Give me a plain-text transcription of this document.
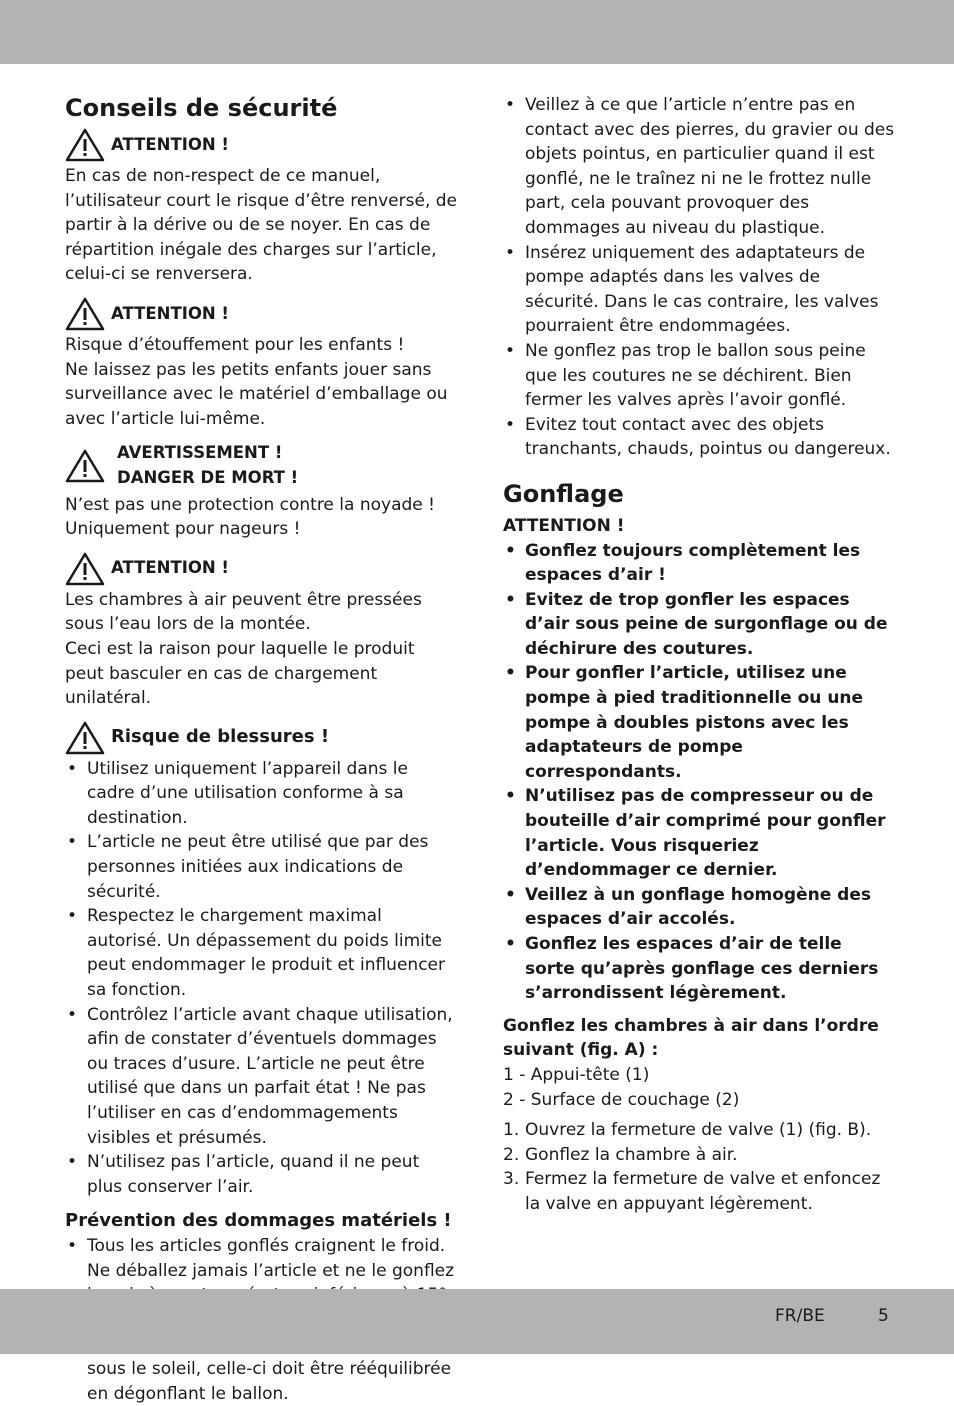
Conseils de sécurité
ATTENTION !

En cas de non-respect de ce manuel, l’utilisateur court le risque d’être renversé, de partir à la dérive ou de se noyer. En cas de répartition inégale des charges sur l’article, celui-ci se renversera.

ATTENTION !

Risque d’étouffement pour les enfants !

Ne laissez pas les petits enfants jouer sans surveillance avec le matériel d’emballage ou avec l’article lui-même.

AVERTISSEMENT !
DANGER DE MORT !

N’est pas une protection contre la noyade !

Uniquement pour nageurs !

ATTENTION !

Les chambres à air peuvent être pressées sous l’eau lors de la montée.

Ceci est la raison pour laquelle le produit peut basculer en cas de chargement unilatéral.

Risque de blessures !
• Utilisez uniquement l’appareil dans le cadre d’une utilisation conforme à sa destination.
• L’article ne peut être utilisé que par des personnes initiées aux indications de sécurité.
• Respectez le chargement maximal autorisé. Un dépassement du poids limite peut endommager le produit et influencer sa fonction.
• Contrôlez l’article avant chaque utilisation, afin de constater d’éventuels dommages ou traces d’usure. L’article ne peut être utilisé que dans un parfait état ! Ne pas l’utiliser en cas d’endommagements visibles et présumés.
• N’utilisez pas l’article, quand il ne peut plus conserver l’air.
Prévention des dommages matériels !
• Tous les articles gonflés craignent le froid. Ne déballez jamais l’article et ne le gonflez
• sous le soleil, celle-ci doit être rééquilibrée en dégonflant le ballon.
• Veillez à ce que l’article n’entre pas en contact avec des pierres, du gravier ou des objets pointus, en particulier quand il est gonflé, ne le traînez ni ne le frottez nulle part, cela pouvant provoquer des dommages au niveau du plastique.
• Insérez uniquement des adaptateurs de pompe adaptés dans les valves de sécurité. Dans le cas contraire, les valves pourraient être endommagées.
• Ne gonflez pas trop le ballon sous peine que les coutures ne se déchirent. Bien fermer les valves après l’avoir gonflé.
• Evitez tout contact avec des objets tranchants, chauds, pointus ou dangereux.
Gonflage
ATTENTION !
• Gonflez toujours complètement les espaces d’air !
• Evitez de trop gonfler les espaces d’air sous peine de surgonflage ou de déchirure des coutures.
• Pour gonfler l’article, utilisez une pompe à pied traditionnelle ou une pompe à doubles pistons avec les adaptateurs de pompe correspondants.
• N’utilisez pas de compresseur ou de bouteille d’air comprimé pour gonfler l’article. Vous risqueriez d’endommager ce dernier.
• Veillez à un gonflage homogène des espaces d’air accolés.
• Gonflez les espaces d’air de telle sorte qu’après gonflage ces derniers s’arrondissent légèrement.

Gonflez les chambres à air dans l’ordre suivant (fig. A) :

1 - Appui-tête (1)

2 - Surface de couchage (2)

1. Ouvrez la fermeture de valve (1) (fig. B).
2. Gonflez la chambre à air.
3. Fermez la fermeture de valve et enfoncez la valve en appuyant légèrement.
FR/BE	5
